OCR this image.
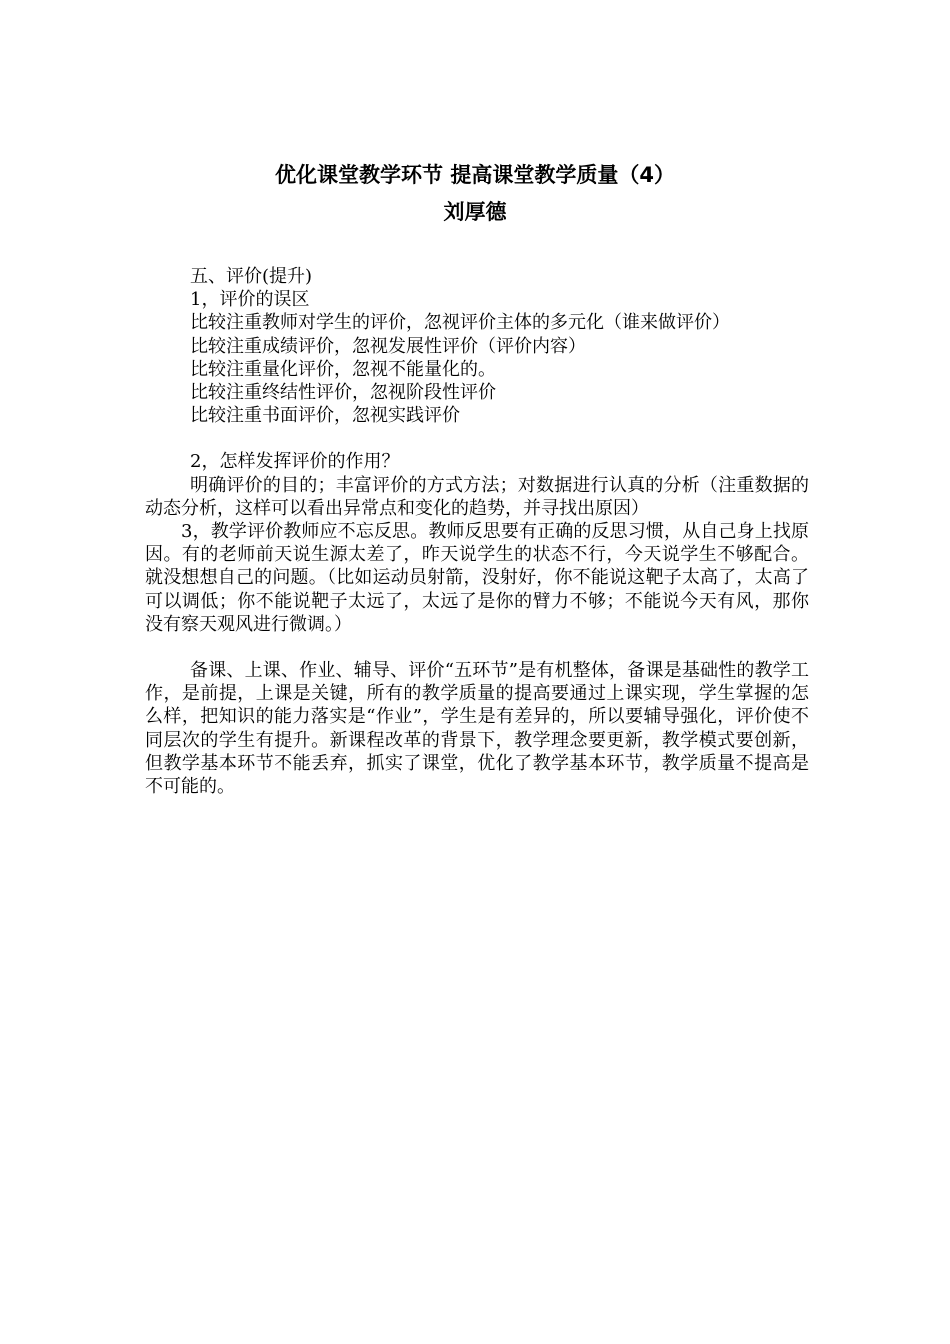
优化课堂教学环节 提高课堂教学质量（4）
刘厚德

五、评价(提升)

1，评价的误区

比较注重教师对学生的评价，忽视评价主体的多元化（谁来做评价）

比较注重成绩评价，忽视发展性评价（评价内容）

比较注重量化评价，忽视不能量化的。

比较注重终结性评价，忽视阶段性评价

比较注重书面评价，忽视实践评价

2，怎样发挥评价的作用？

明确评价的目的；丰富评价的方式方法；对数据进行认真的分析（注重数据的动态分析，这样可以看出异常点和变化的趋势，并寻找出原因）

3，教学评价教师应不忘反思。教师反思要有正确的反思习惯，从自己身上找原因。有的老师前天说生源太差了，昨天说学生的状态不行，今天说学生不够配合。就没想想自己的问题。（比如运动员射箭，没射好，你不能说这靶子太高了，太高了可以调低；你不能说靶子太远了，太远了是你的臂力不够；不能说今天有风，那你没有察天观风进行微调。）

备课、上课、作业、辅导、评价“五环节”是有机整体，备课是基础性的教学工作，是前提，上课是关键，所有的教学质量的提高要通过上课实现，学生掌握的怎么样，把知识的能力落实是“作业”，学生是有差异的，所以要辅导强化，评价使不同层次的学生有提升。新课程改革的背景下，教学理念要更新，教学模式要创新，但教学基本环节不能丢弃，抓实了课堂，优化了教学基本环节，教学质量不提高是不可能的。
